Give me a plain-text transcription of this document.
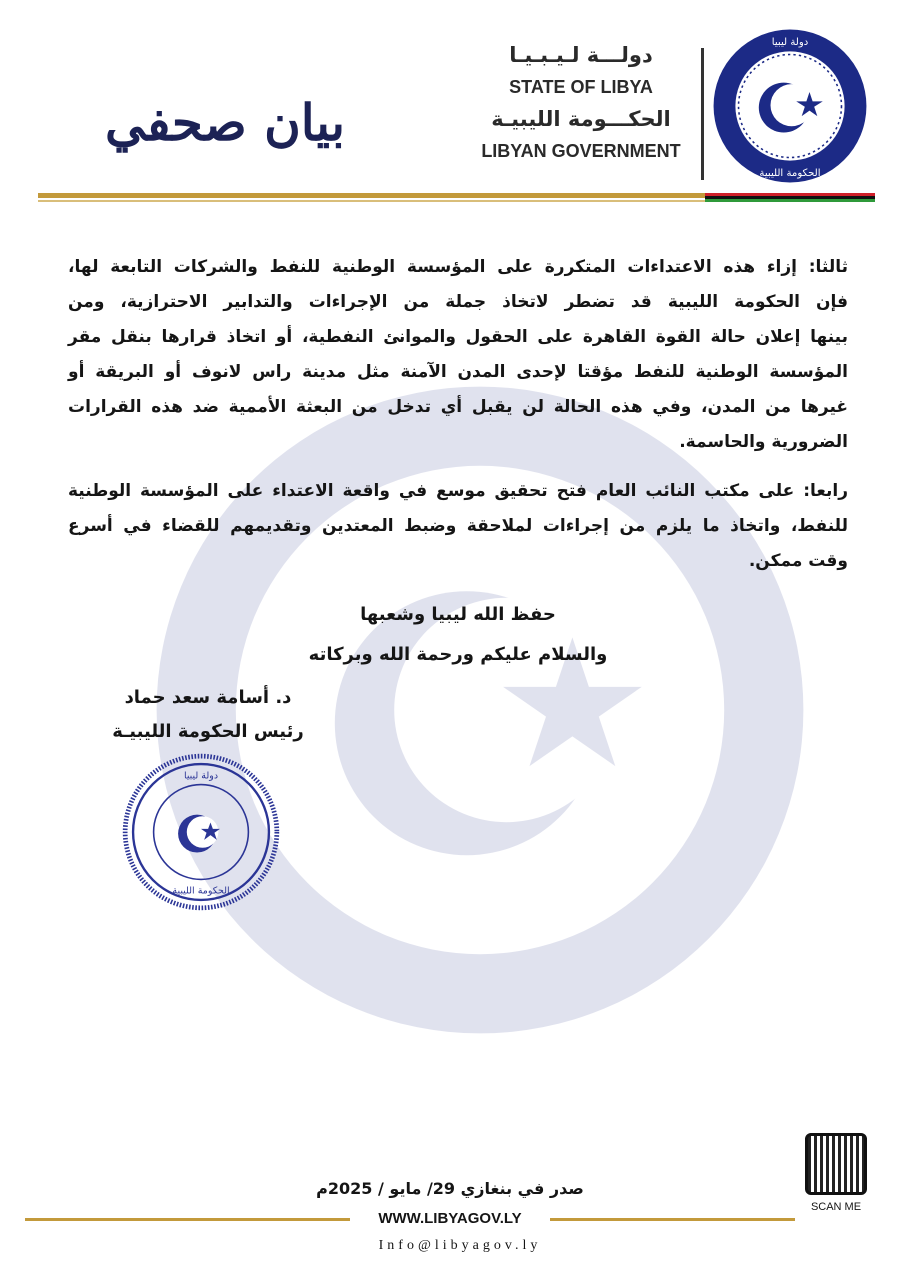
بيان صحفي
دولـــة لـيـبـيـا
STATE OF LIBYA
الحكـــومة الليبيـة
LIBYAN GOVERNMENT
دولة ليبيا
الحكومة الليبية
ثالثا: إزاء هذه الاعتداءات المتكررة على المؤسسة الوطنية للنفط والشركات التابعة لها،
فإن الحكومة الليبية قد تضطر لاتخاذ جملة من الإجراءات والتدابير الاحترازية، ومن
بينها إعلان حالة القوة القاهرة على الحقول والموانئ النفطية، أو اتخاذ قرارها بنقل مقر
المؤسسة الوطنية للنفط مؤقتا لإحدى المدن الآمنة مثل مدينة راس لانوف أو البريقة أو
غيرها من المدن، وفي هذه الحالة لن يقبل أي تدخل من البعثة الأممية ضد هذه القرارات
الضرورية والحاسمة.
رابعا: على مكتب النائب العام فتح تحقيق موسع في واقعة الاعتداء على المؤسسة الوطنية
للنفط، واتخاذ ما يلزم من إجراءات لملاحقة وضبط المعتدين وتقديمهم للقضاء في أسرع
وقت ممكن.
حفظ الله ليبيا وشعبها
والسلام عليكم ورحمة الله وبركاته
د. أسامة سعد حماد
رئيس الحكومة الليبيـة
دولة ليبيا
الحكومة الليبية
صدر في بنغازي 29/ مايو / 2025م
WWW.LIBYAGOV.LY
Info@libyagov.ly
SCAN ME
